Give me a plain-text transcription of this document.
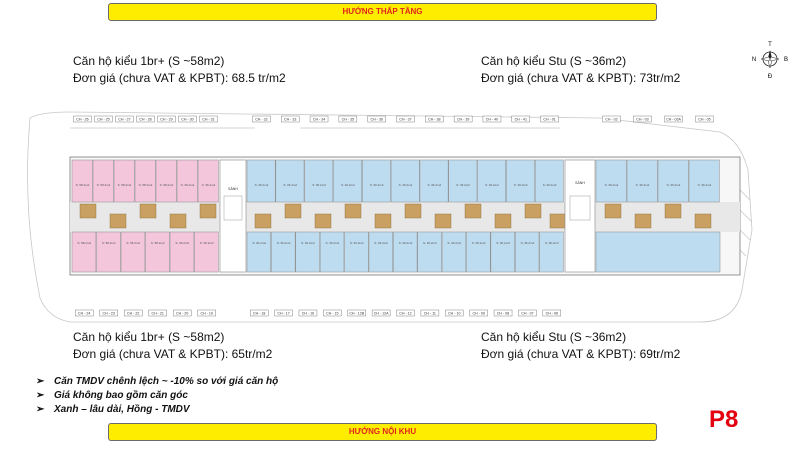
HƯỚNG THẤP TẦNG
Căn hộ kiểu 1br+ (S ~58m2)
Đơn giá (chưa VAT & KPBT): 68.5 tr/m2
Căn hộ kiểu Stu (S ~36m2)
Đơn giá (chưa VAT & KPBT): 73tr/m2
T
N	B
Đ
CH - 26
S: 58.2m2
CH - 25
S: 58.2m2
CH - 27
S: 58.2m2
CH - 28
S: 58.2m2
CH - 29
S: 58.2m2
CH - 30
S: 36.2m2
CH - 31
S: 36.2m2
CH - 32
S: 36.2m2
CH - 33
S: 36.2m2
CH - 34
S: 36.2m2
CH - 35
S: 36.2m2
CH - 36
S: 36.2m2
CH - 37
S: 36.2m2
CH - 38
S: 36.2m2
CH - 39
S: 36.2m2
CH - 40
S: 36.2m2
CH - 41
S: 36.2m2
CH - 01
S: 36.2m2
CH - 02
S: 36.2m2
CH - 03
S: 36.2m2
CH - 03A
S: 36.2m2
CH - 05
S: 36.2m2
CH - 24
S: 58.2m2
CH - 23
S: 58.2m2
CH - 22
S: 58.2m2
CH - 21
S: 58.2m2
CH - 20
S: 36.2m2
CH - 19
S: 36.2m2
CH - 18
S: 36.2m2
CH - 17
S: 36.2m2
CH - 16
S: 36.2m2
CH - 15
S: 36.2m2
CH - 12B
S: 36.2m2
CH - 12A
S: 36.2m2
CH - 12
S: 36.2m2
CH - 11
S: 36.2m2
CH - 10
S: 36.2m2
CH - 09
S: 36.2m2
CH - 08
S: 36.2m2
CH - 07
S: 36.2m2
CH - 06
S: 36.2m2
SẢNH
SẢNH
Căn hộ kiểu 1br+ (S ~58m2)
Đơn giá (chưa VAT & KPBT): 65tr/m2
Căn hộ kiểu Stu (S ~36m2)
Đơn giá (chưa VAT & KPBT): 69tr/m2
➢ Căn TMDV chênh lệch ~ -10% so với giá căn hộ
➢ Giá không bao gồm căn góc
➢ Xanh – lâu dài, Hồng - TMDV
HƯỚNG NỘI KHU	P8
